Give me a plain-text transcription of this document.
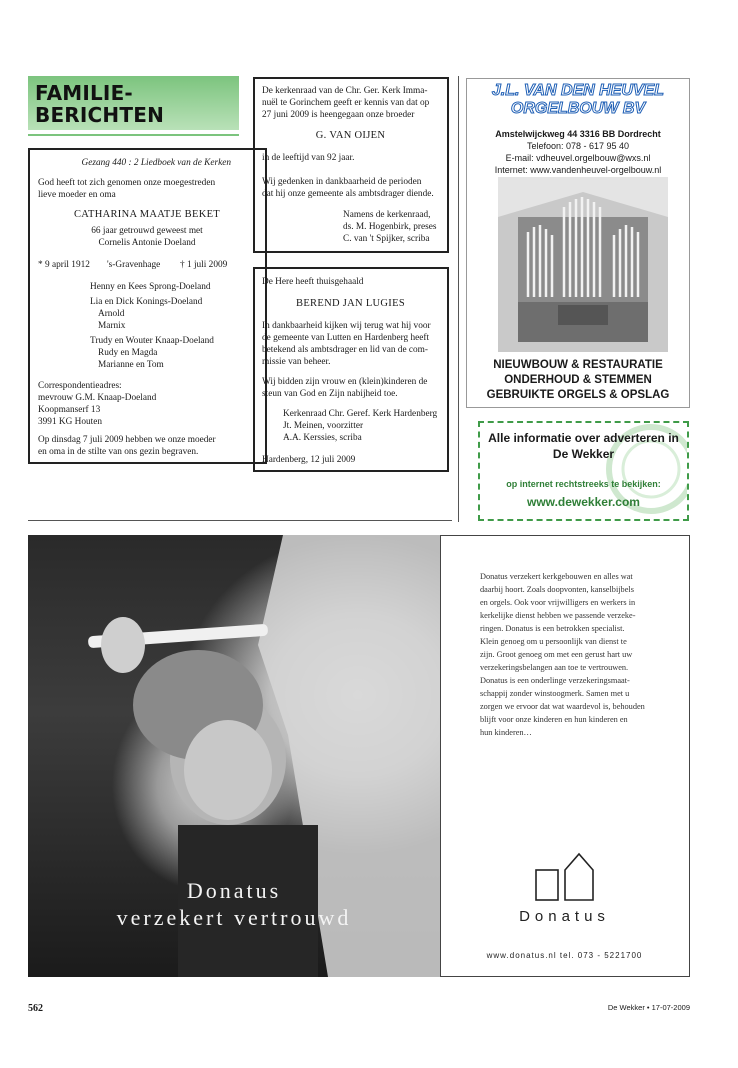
FAMILIE-
BERICHTEN
Gezang 440 : 2 Liedboek van de Kerken
God heeft tot zich genomen onze moegestreden
lieve moeder en oma
CATHARINA MAATJE BEKET
66 jaar getrouwd geweest met
Cornelis Antonie Doeland
* 9 april 1912 's-Gravenhage † 1 juli 2009
Henny en Kees Sprong-Doeland
Lia en Dick Konings-Doeland
Arnold
Marnix
Trudy en Wouter Knaap-Doeland
Rudy en Magda
Marianne en Tom
Correspondentieadres:
mevrouw G.M. Knaap-Doeland
Koopmanserf 13
3991 KG Houten
Op dinsdag 7 juli 2009 hebben we onze moeder
en oma in de stilte van ons gezin begraven.
De kerkenraad van de Chr. Ger. Kerk Imma-
nuël te Gorinchem geeft er kennis van dat op
27 juni 2009 is heengegaan onze broeder
G. VAN OIJEN
in de leeftijd van 92 jaar.
Wij gedenken in dankbaarheid de perioden
dat hij onze gemeente als ambtsdrager diende.
Namens de kerkenraad,
ds. M. Hogenbirk, preses
C. van 't Spijker, scriba
De Here heeft thuisgehaald
BEREND JAN LUGIES
In dankbaarheid kijken wij terug wat hij voor
de gemeente van Lutten en Hardenberg heeft
betekend als ambtsdrager en lid van de com-
missie van beheer.
Wij bidden zijn vrouw en (klein)kinderen de
steun van God en Zijn nabijheid toe.
Kerkenraad Chr. Geref. Kerk Hardenberg
Jt. Meinen, voorzitter
A.A. Kerssies, scriba
Hardenberg, 12 juli 2009
J.L. VAN DEN HEUVEL
ORGELBOUW BV
Amstelwijckweg 44 3316 BB Dordrecht
Telefoon: 078 - 617 95 40
E-mail: vdheuvel.orgelbouw@wxs.nl
Internet: www.vandenheuvel-orgelbouw.nl
NIEUWBOUW & RESTAURATIE
ONDERHOUD & STEMMEN
GEBRUIKTE ORGELS & OPSLAG
Alle informatie over adverteren in
De Wekker
op internet rechtstreeks te bekijken:
www.dewekker.com
Donatus
verzekert vertrouwd
Donatus verzekert kerkgebouwen en alles wat
daarbij hoort. Zoals doopvonten, kanselbijbels
en orgels. Ook voor vrijwilligers en werkers in
kerkelijke dienst hebben we passende verzeke-
ringen. Donatus is een betrokken specialist.
Klein genoeg om u persoonlijk van dienst te
zijn. Groot genoeg om met een gerust hart uw
verzekeringsbelangen aan toe te vertrouwen.
Donatus is een onderlinge verzekeringsmaat-
schappij zonder winstoogmerk. Samen met u
zorgen we ervoor dat wat waardevol is, behouden
blijft voor onze kinderen en hun kinderen en
hun kinderen…
Donatus
www.donatus.nl tel. 073 - 5221700
562	De Wekker • 17-07-2009
